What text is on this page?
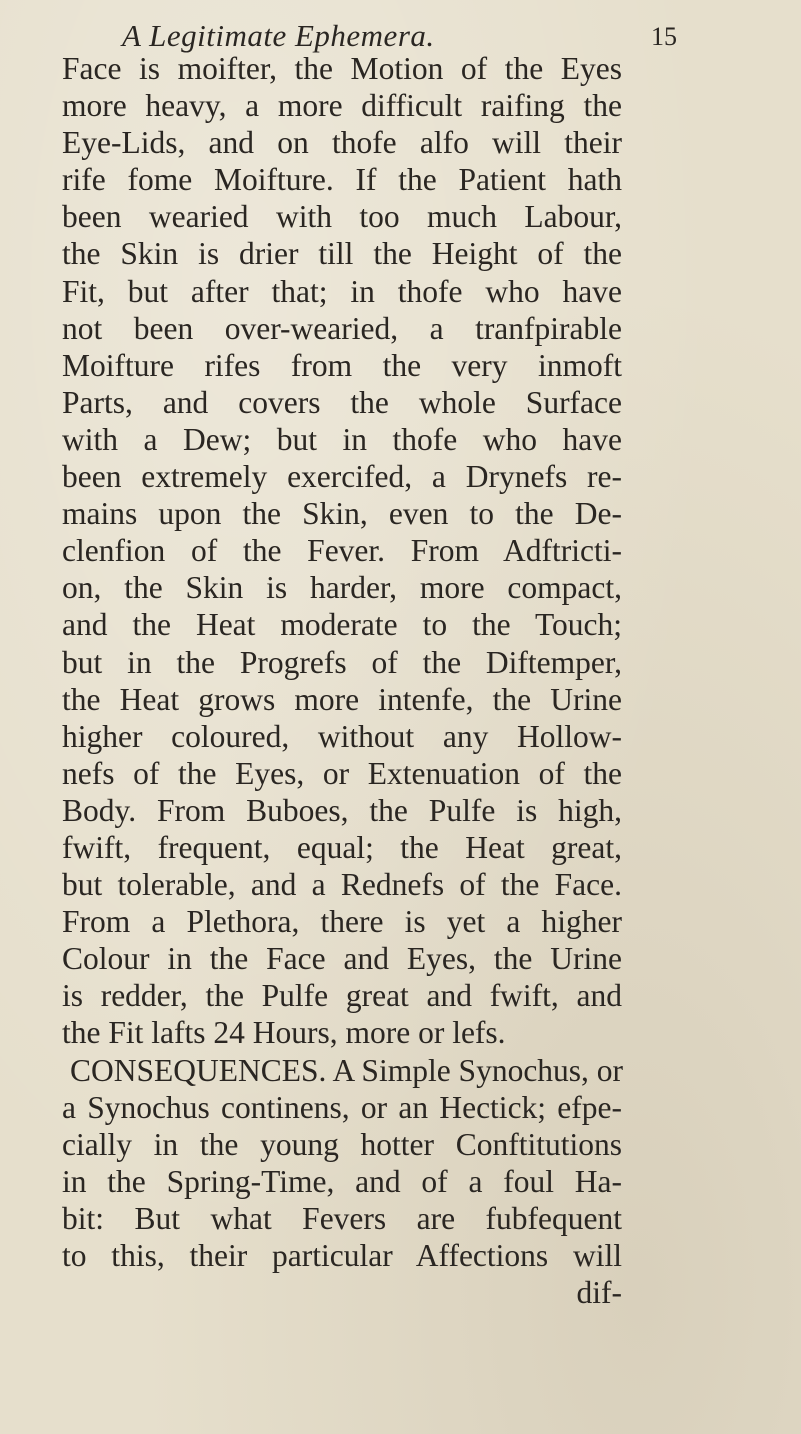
A Legitimate Ephemera.	15
Face is moifter, the Motion of the Eyes
more heavy, a more difficult raifing the
Eye-Lids, and on thofe alfo will their
rife fome Moifture. If the Patient hath
been wearied with too much Labour,
the Skin is drier till the Height of the
Fit, but after that; in thofe who have
not been over-wearied, a tranfpirable
Moifture rifes from the very inmoft
Parts, and covers the whole Surface
with a Dew; but in thofe who have
been extremely exercifed, a Drynefs re-
mains upon the Skin, even to the De-
clenfion of the Fever. From Adftricti-
on, the Skin is harder, more compact,
and the Heat moderate to the Touch;
but in the Progrefs of the Diftemper,
the Heat grows more intenfe, the Urine
higher coloured, without any Hollow-
nefs of the Eyes, or Extenuation of the
Body. From Buboes, the Pulfe is high,
fwift, frequent, equal; the Heat great,
but tolerable, and a Rednefs of the Face.
From a Plethora, there is yet a higher
Colour in the Face and Eyes, the Urine
is redder, the Pulfe great and fwift, and
the Fit lafts 24 Hours, more or lefs.
CONSEQUENCES. A Simple Synochus, or
a Synochus continens, or an Hectick; efpe-
cially in the young hotter Conftitutions
in the Spring-Time, and of a foul Ha-
bit: But what Fevers are fubfequent
to this, their particular Affections will
dif-
